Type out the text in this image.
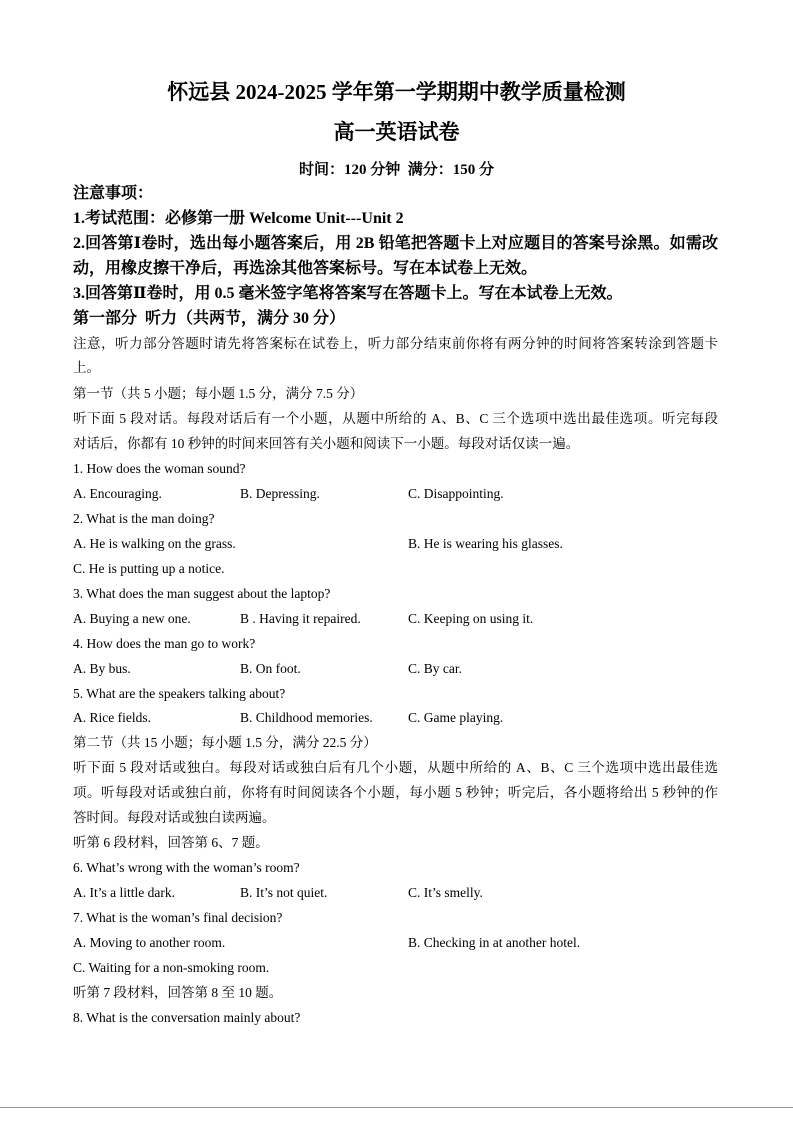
怀远县 2024-2025 学年第一学期期中教学质量检测
高一英语试卷
时间：120 分钟  满分：150 分
注意事项：
1.考试范围：必修第一册 Welcome Unit---Unit 2
2.回答第Ⅰ卷时，选出每小题答案后，用 2B 铅笔把答题卡上对应题目的答案号涂黑。如需改
动，用橡皮擦干净后，再选涂其他答案标号。写在本试卷上无效。
3.回答第Ⅱ卷时，用 0.5 毫米签字笔将答案写在答题卡上。写在本试卷上无效。
第一部分  听力（共两节，满分 30 分）
注意，听力部分答题时请先将答案标在试卷上，听力部分结束前你将有两分钟的时间将答案转涂到答题卡
上。
第一节（共 5 小题；每小题 1.5 分，满分 7.5 分）
听下面 5 段对话。每段对话后有一个小题，从题中所给的 A、B、C 三个选项中选出最佳选项。听完每段
对话后，你都有 10 秒钟的时间来回答有关小题和阅读下一小题。每段对话仅读一遍。
1. How does the woman sound?
A. Encouraging.	B. Depressing.	C. Disappointing.
2. What is the man doing?
A. He is walking on the grass.	B. He is wearing his glasses.
C. He is putting up a notice.
3. What does the man suggest about the laptop?
A. Buying a new one.	B . Having it repaired.	C. Keeping on using it.
4. How does the man go to work?
A. By bus.	B. On foot.	C. By car.
5. What are the speakers talking about?
A. Rice fields.	B. Childhood memories.	C. Game playing.
第二节（共 15 小题；每小题 1.5 分，满分 22.5 分）
听下面 5 段对话或独白。每段对话或独白后有几个小题，从题中所给的 A、B、C 三个选项中选出最佳选
项。听每段对话或独白前，你将有时间阅读各个小题，每小题 5 秒钟；听完后，各小题将给出 5 秒钟的作
答时间。每段对话或独白读两遍。
听第 6 段材料，回答第 6、7 题。
6. What’s wrong with the woman’s room?
A. It’s a little dark.	B. It’s not quiet.	C. It’s smelly.
7. What is the woman’s final decision?
A. Moving to another room.	B. Checking in at another hotel.
C. Waiting for a non-smoking room.
听第 7 段材料，回答第 8 至 10 题。
8. What is the conversation mainly about?
